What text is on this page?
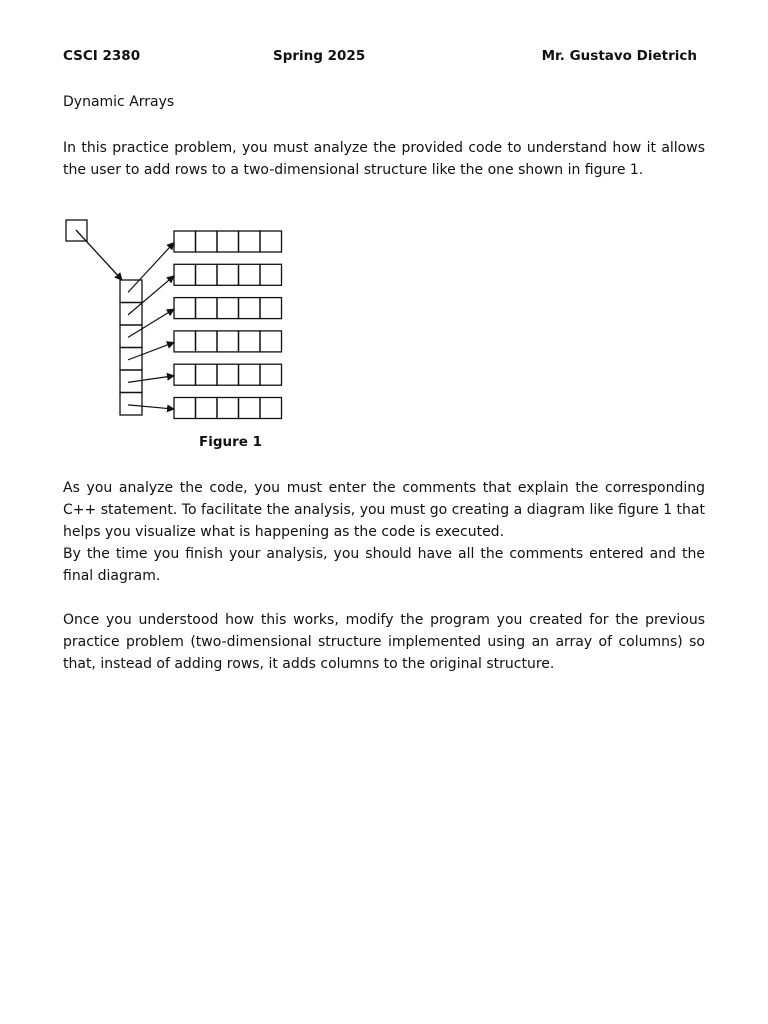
CSCI 2380	Spring 2025	Mr. Gustavo Dietrich
Dynamic Arrays

In this practice problem, you must analyze the provided code to understand how it allows the user to add rows to a two-dimensional structure like the one shown in figure 1.

Figure 1
As you analyze the code, you must enter the comments that explain the corresponding C++ statement. To facilitate the analysis, you must go creating a diagram like figure 1 that helps you visualize what is happening as the code is executed.
By the time you finish your analysis, you should have all the comments entered and the final diagram.

Once you understood how this works, modify the program you created for the previous practice problem (two-dimensional structure implemented using an array of columns) so that, instead of adding rows, it adds columns to the original structure.
